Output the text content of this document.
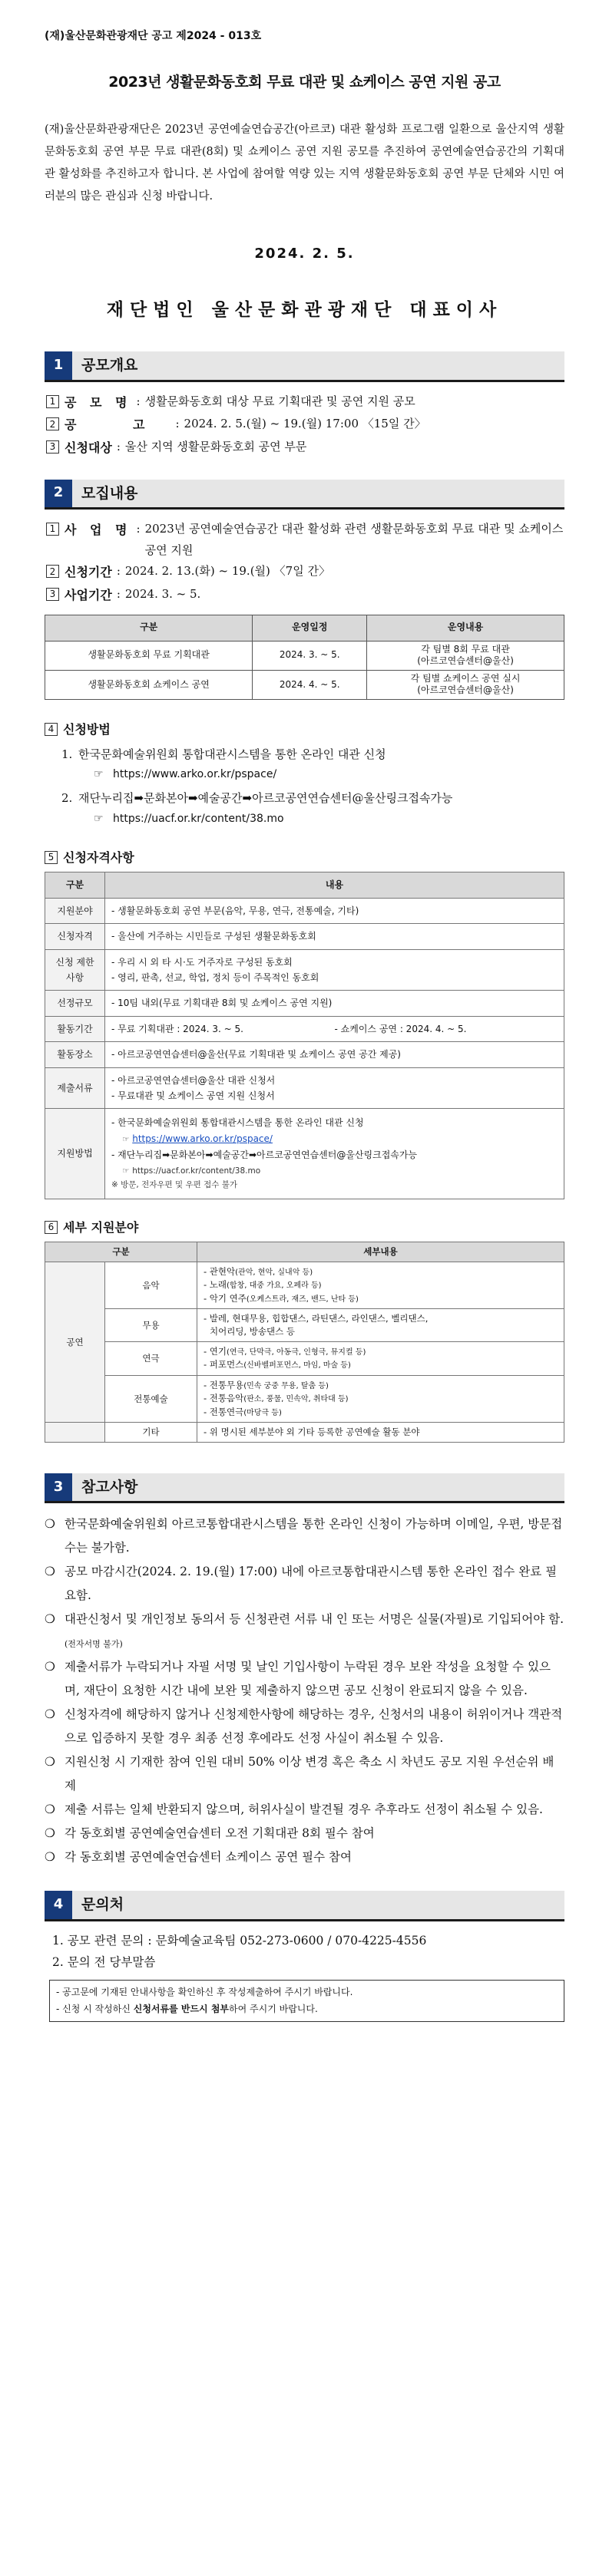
(재)울산문화관광재단 공고 제2024 - 013호
2023년 생활문화동호회 무료 대관 및 쇼케이스 공연 지원 공고

(재)울산문화관광재단은 2023년 공연예술연습공간(아르코) 대관 활성화 프로그램 일환으로 울산지역 생활문화동호회 공연 부문 무료 대관(8회) 및 쇼케이스 공연 지원 공모를 추진하여 공연예술연습공간의 기획대관 활성화를 추진하고자 합니다. 본 사업에 참여할 역량 있는 지역 생활문화동호회 공연 부문 단체와 시민 여러분의 많은 관심과 신청 바랍니다.

2024. 2. 5.
재단법인 울산문화관광재단 대표이사
1	공모개요
1 공 모 명 : 생활문화동호회 대상 무료 기획대관 및 공연 지원 공모
2 공 고 : 2024. 2. 5.(월) ~ 19.(월) 17:00 〈15일 간〉
3 신청대상 : 울산 지역 생활문화동호회 공연 부문
2	모집내용
1 사 업 명 : 2023년 공연예술연습공간 대관 활성화 관련 생활문화동호회 무료 대관 및 쇼케이스 공연 지원
2 신청기간 : 2024. 2. 13.(화) ~ 19.(월) 〈7일 간〉
3 사업기간 : 2024. 3. ~ 5.
구분	운영일정	운영내용
생활문화동호회 무료 기획대관	2024. 3. ~ 5.	각 팀별 8회 무료 대관
(아르코연습센터@울산)
생활문화동호회 쇼케이스 공연	2024. 4. ~ 5.	각 팀별 쇼케이스 공연 실시
(아르코연습센터@울산)
4 신청방법
1. 한국문화예술위원회 통합대관시스템을 통한 온라인 대관 신청
☞ https://www.arko.or.kr/pspace/
2. 재단누리집➡문화본아➡예술공간➡아르코공연연습센터@울산링크접속가능
☞ https://uacf.or.kr/content/38.mo
5 신청자격사항
구분	내용
지원분야	- 생활문화동호회 공연 부문(음악, 무용, 연극, 전통예술, 기타)
신청자격	- 울산에 거주하는 시민들로 구성된 생활문화동호회
신청 제한사항	- 우리 시 외 타 시·도 거주자로 구성된 동호회
- 영리, 판촉, 선교, 학업, 정치 등이 주목적인 동호회

선정규모	- 10팀 내외(무료 기획대관 8회 및 쇼케이스 공연 지원)
활동기간	- 무료 기획대관 : 2024. 3. ~ 5. - 쇼케이스 공연 : 2024. 4. ~ 5.

활동장소	- 아르코공연연습센터@울산(무료 기획대관 및 쇼케이스 공연 공간 제공)
제출서류	- 아르코공연연습센터@울산 대관 신청서
- 무료대관 및 쇼케이스 공연 지원 신청서

지원방법	- 한국문화예술위원회 통합대관시스템을 통한 온라인 대관 신청
☞ https://www.arko.or.kr/pspace/
- 재단누리집➡문화본아➡예술공간➡아르코공연연습센터@울산링크접속가능
☞ https://uacf.or.kr/content/38.mo
※ 방문, 전자우편 및 우편 접수 불가
6 세부 지원분야
구분		세부내용
공연	음악	- 관현악(관악, 현악, 실내악 등)
- 노래(합창, 대중 가요, 오페라 등)
- 악기 연주(오케스트라, 재즈, 밴드, 난타 등)

	무용	- 발레, 현대무용, 힙합댄스, 라틴댄스, 라인댄스, 벨리댄스,
치어리딩, 방송댄스 등

	연극	- 연기(연극, 단막극, 아동극, 인형극, 뮤지컬 등)
- 퍼포먼스(신바벨퍼포먼스, 마임, 마술 등)

	전통예술	- 전통무용(민속 궁중 무용, 탈춤 등)
- 전통음악(판소, 풍물, 민속악, 취타대 등)
- 전통연극(마당극 등)

	기타	- 위 명시된 세부분야 외 기타 등록한 공연예술 활동 분야
3	참고사항
❍ 한국문화예술위원회 아르코통합대관시스템을 통한 온라인 신청이 가능하며 이메일, 우편, 방문접수는 불가함.
❍ 공모 마감시간(2024. 2. 19.(월) 17:00) 내에 아르코통합대관시스템 통한 온라인 접수 완료 필요함.
❍ 대관신청서 및 개인정보 동의서 등 신청관련 서류 내 인 또는 서명은 실물(자필)로 기입되어야 함.(전자서명 불가)
❍ 제출서류가 누락되거나 자필 서명 및 날인 기입사항이 누락된 경우 보완 작성을 요청할 수 있으며, 재단이 요청한 시간 내에 보완 및 제출하지 않으면 공모 신청이 완료되지 않을 수 있음.
❍ 신청자격에 해당하지 않거나 신청제한사항에 해당하는 경우, 신청서의 내용이 허위이거나 객관적으로 입증하지 못할 경우 최종 선정 후에라도 선정 사실이 취소될 수 있음.
❍ 지원신청 시 기재한 참여 인원 대비 50% 이상 변경 혹은 축소 시 차년도 공모 지원 우선순위 배제
❍ 제출 서류는 일체 반환되지 않으며, 허위사실이 발견될 경우 추후라도 선정이 취소될 수 있음.
❍ 각 동호회별 공연예술연습센터 오전 기획대관 8회 필수 참여
❍ 각 동호회별 공연예술연습센터 쇼케이스 공연 필수 참여
4	문의처
1. 공모 관련 문의 : 문화예술교육팀 052-273-0600 / 070-4225-4556
2. 문의 전 당부말씀
- 공고문에 기재된 안내사항을 확인하신 후 작성제출하여 주시기 바랍니다.
- 신청 시 작성하신 신청서류를 반드시 첨부하여 주시기 바랍니다.
